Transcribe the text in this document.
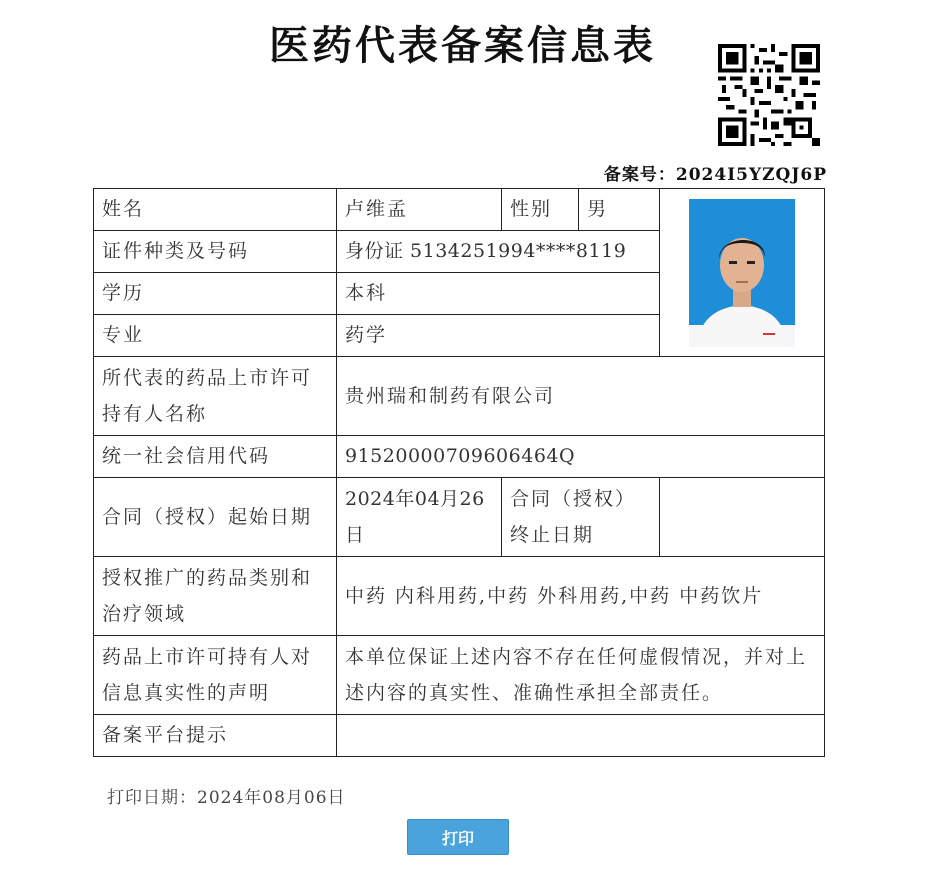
医药代表备案信息表
备案号：2024I5YZQJ6P
姓名	卢维孟	性别	男	

证件种类及号码	身份证 5134251994****8119			
学历	本科			
专业	药学			
所代表的药品上市许可持有人名称	贵州瑞和制药有限公司			
统一社会信用代码	91520000709606464Q			
合同（授权）起始日期	2024年04月26日	合同（授权）终止日期		
授权推广的药品类别和治疗领域	中药 内科用药,中药 外科用药,中药 中药饮片			
药品上市许可持有人对信息真实性的声明	本单位保证上述内容不存在任何虚假情况，并对上述内容的真实性、准确性承担全部责任。			
备案平台提示				
打印日期：2024年08月06日
打印
